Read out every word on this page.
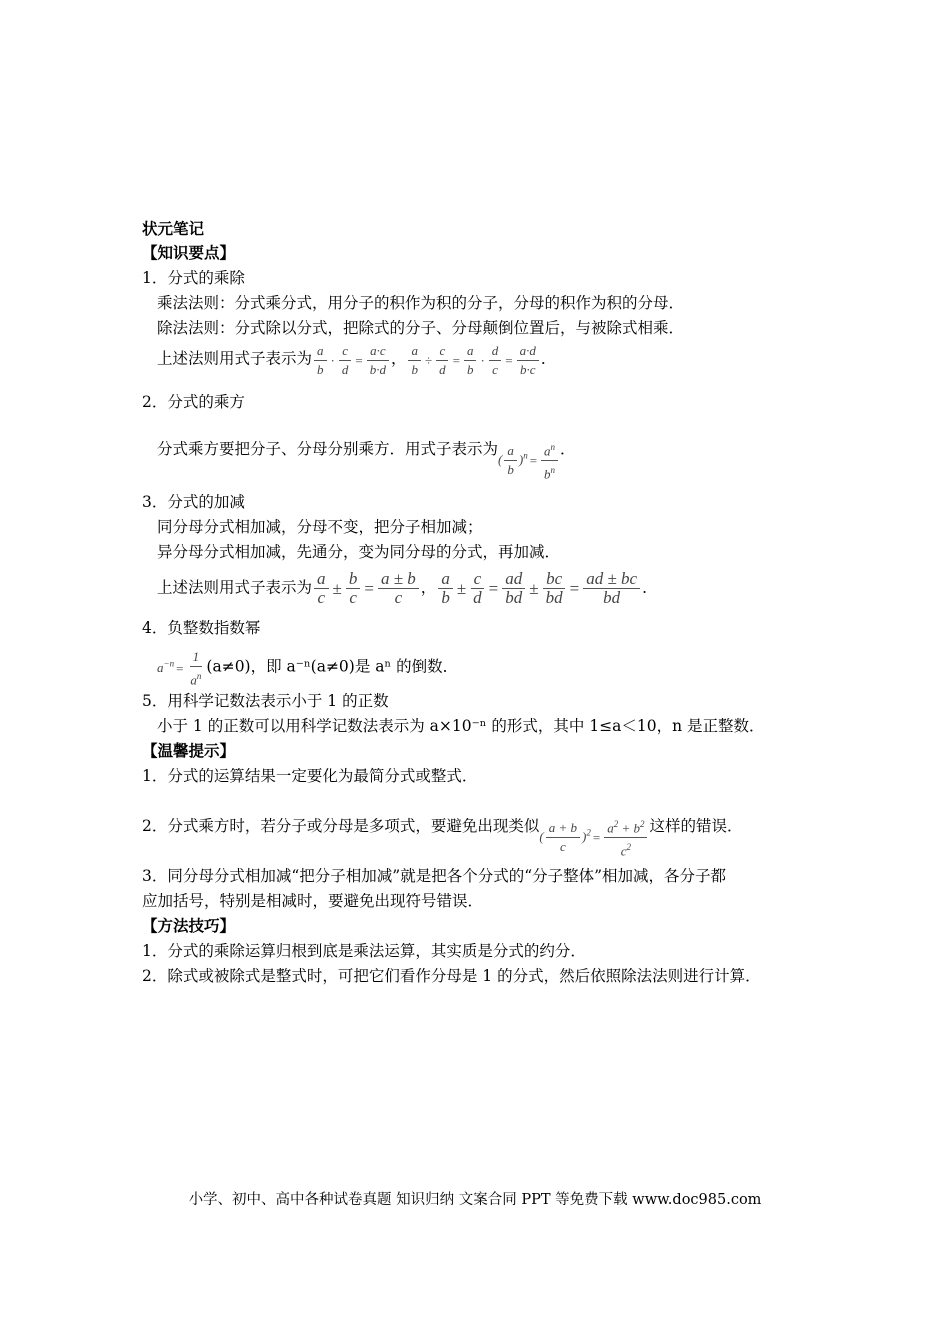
状元笔记
【知识要点】
1．分式的乘除
乘法法则：分式乘分式，用分子的积作为积的分子，分母的积作为积的分母．
除法法则：分式除以分式，把除式的分子、分母颠倒位置后，与被除式相乘．
上述法则用式子表示为 $\frac{a}{b} \cdot \frac{c}{d} = \frac{a\cdot c}{b\cdot d}$ ， $\frac{a}{b} \div \frac{c}{d} = \frac{a}{b} \cdot \frac{d}{c} = \frac{a\cdot d}{b\cdot c}$ ．
2．分式的乘方
分式乘方要把分子、分母分别乘方．用式子表示为$_{( \frac{a}{b} )^n = \frac{a^n}{b^n}}$ ．
3．分式的加减
同分母分式相加减，分母不变，把分子相加减；
异分母分式相加减，先通分，变为同分母的分式，再加减．
上述法则用式子表示为 $\frac{a}{c} \pm \frac{b}{c} = \frac{a \pm b}{c}$ ， $\frac{a}{b} \pm \frac{c}{d} = \frac{ad}{bd} \pm \frac{bc}{bd} = \frac{ad \pm bc}{bd}$ ．
4．负整数指数幂
$a^{-n} = \frac{1}{a^n} (a\ne 0)$，即 a⁻ⁿ(a≠0)是 aⁿ 的倒数．
5．用科学记数法表示小于 1 的正数
小于 1 的正数可以用科学记数法表示为 a×10⁻ⁿ 的形式，其中 1≤a＜10，n 是正整数．
【温馨提示】
1．分式的运算结果一定要化为最简分式或整式．
2．分式乘方时，若分子或分母是多项式，要避免出现类似$_{( \frac{a + b}{c} )^2 = \frac{a^2 + b^2}{c^2}}$ 这样的错误．
3．同分母分式相加减“把分子相加减”就是把各个分式的“分子整体”相加减，各分子都
应加括号，特别是相减时，要避免出现符号错误．
【方法技巧】
1．分式的乘除运算归根到底是乘法运算，其实质是分式的约分．
2．除式或被除式是整式时，可把它们看作分母是 1 的分式，然后依照除法法则进行计算．
小学、初中、高中各种试卷真题 知识归纳 文案合同 PPT 等免费下载 www.doc985.com
